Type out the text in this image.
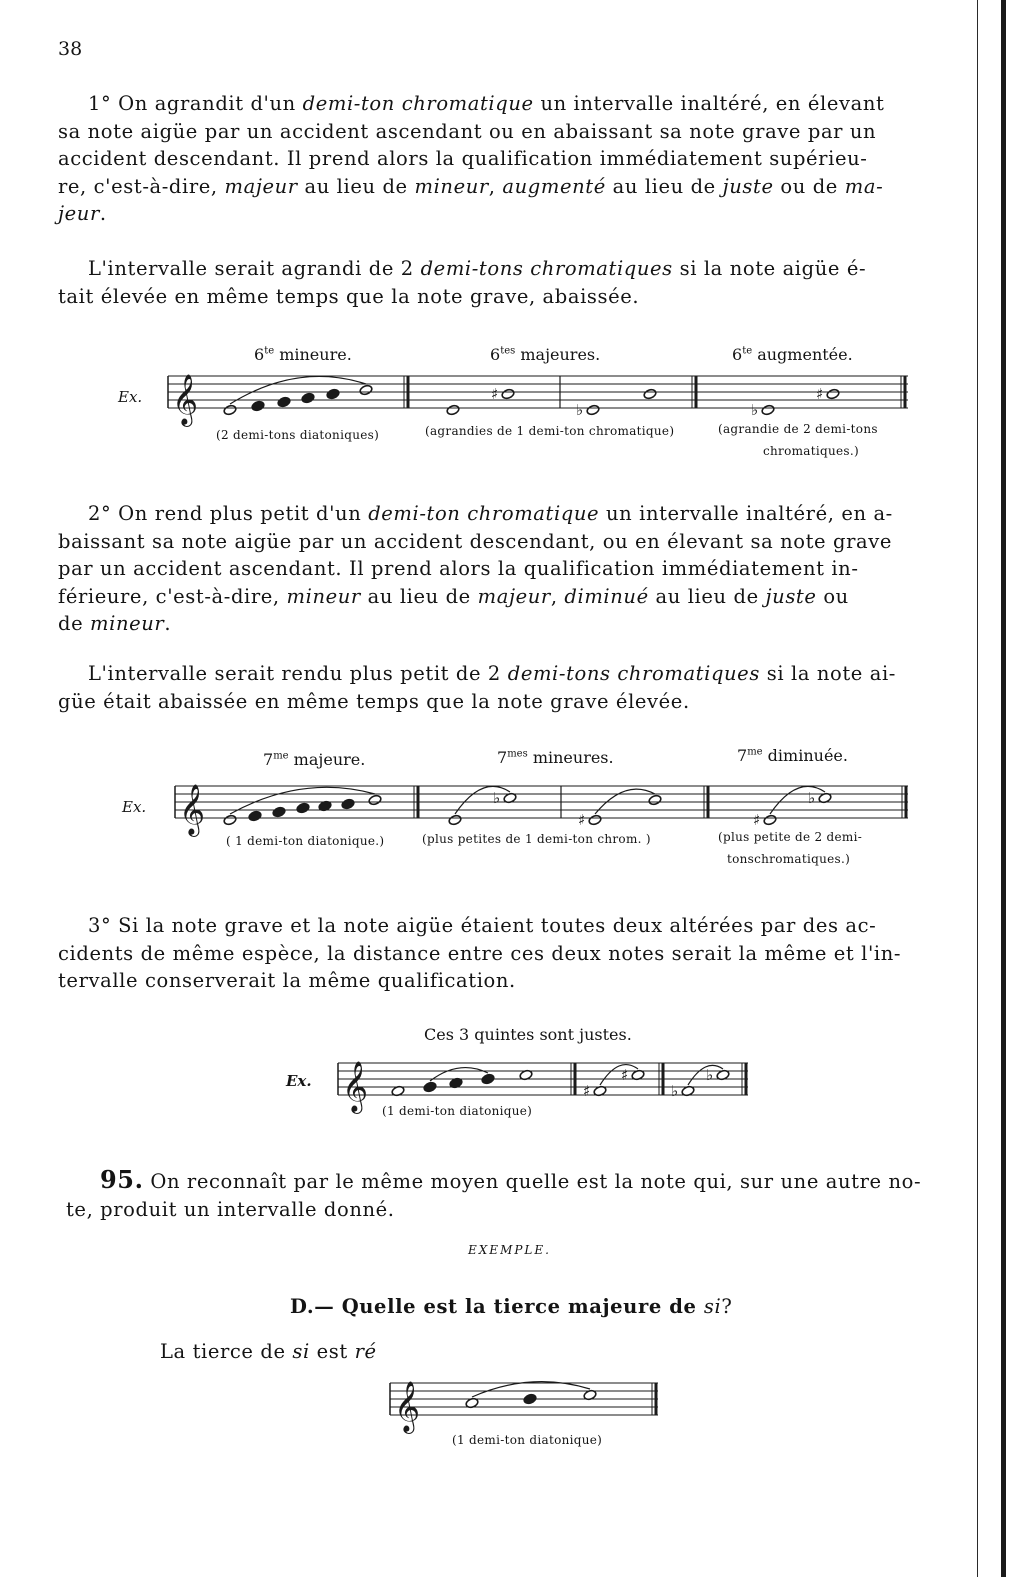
38
1° On agrandit d'un demi-ton chromatique un intervalle inaltéré, en élevant
sa note aigüe par un accident ascendant ou en abaissant sa note grave par un
accident descendant. Il prend alors la qualification immédiatement supérieu-
re, c'est-à-dire, majeur au lieu de mineur, augmenté au lieu de juste ou de ma-
jeur.
L'intervalle serait agrandi de 2 demi-tons chromatiques si la note aigüe é-
tait élevée en même temps que la note grave, abaissée.
$6^{te}$ mineure.	$6^{tes}$ majeures.	$6^{te}$ augmentée.
Ex. 𝄞	♯
♭	♭
♯
(2 demi-tons diatoniques)	(agrandies de 1 demi-ton chromatique)	(agrandie de 2 demi-tons
chromatiques.)
2° On rend plus petit d'un demi-ton chromatique un intervalle inaltéré, en a-
baissant sa note aigüe par un accident descendant, ou en élevant sa note grave
par un accident ascendant. Il prend alors la qualification immédiatement in-
férieure, c'est-à-dire, mineur au lieu de majeur, diminué au lieu de juste ou
de mineur.
L'intervalle serait rendu plus petit de 2 demi-tons chromatiques si la note ai-
güe était abaissée en même temps que la note grave élevée.
$7^{me}$ majeure.	$7^{mes}$ mineures.	$7^{me}$ diminuée.
Ex. 𝄞	♭
♯	♯
♭
( 1 demi-ton diatonique.)	(plus petites de 1 demi-ton chrom. )	(plus petite de 2 demi-
tonschromatiques.)
3° Si la note grave et la note aigüe étaient toutes deux altérées par des ac-
cidents de même espèce, la distance entre ces deux notes serait la même et l'in-
tervalle conserverait la même qualification.
Ces 3 quintes sont justes.
Ex. 𝄞	♯
♯
♭
♭
(1 demi-ton diatonique)
95. On reconnaît par le même moyen quelle est la note qui, sur une autre no-
te, produit un intervalle donné.
EXEMPLE.
D.— Quelle est la tierce majeure de si?
La tierce de si est ré
𝄞
(1 demi-ton diatonique)
